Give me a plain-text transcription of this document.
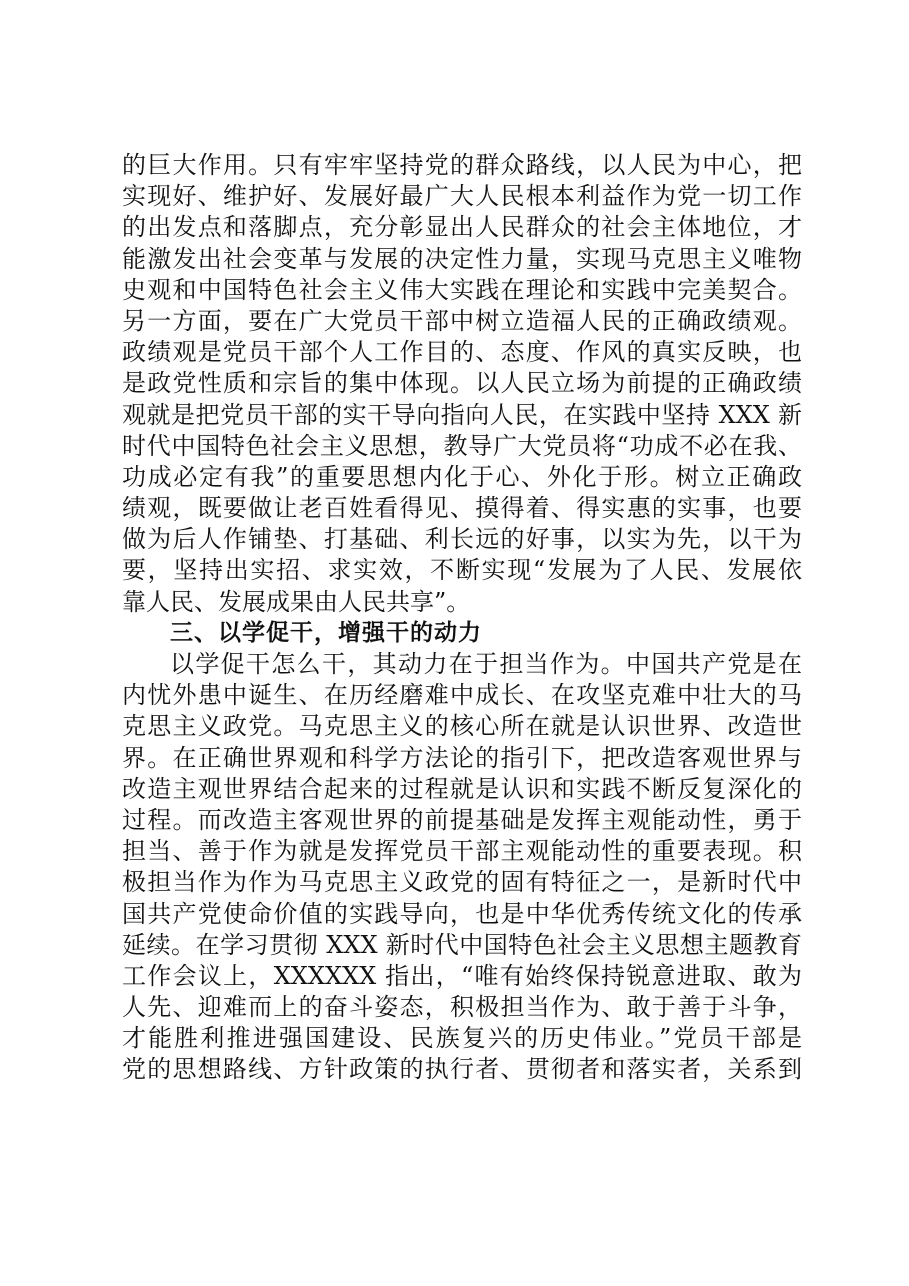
的巨大作用。只有牢牢坚持党的群众路线，以人民为中心，把
实现好、维护好、发展好最广大人民根本利益作为党一切工作
的出发点和落脚点，充分彰显出人民群众的社会主体地位，才
能激发出社会变革与发展的决定性力量，实现马克思主义唯物
史观和中国特色社会主义伟大实践在理论和实践中完美契合。
另一方面，要在广大党员干部中树立造福人民的正确政绩观。
政绩观是党员干部个人工作目的、态度、作风的真实反映，也
是政党性质和宗旨的集中体现。以人民立场为前提的正确政绩
观就是把党员干部的实干导向指向人民，在实践中坚持 XXX 新
时代中国特色社会主义思想，教导广大党员将“功成不必在我、
功成必定有我”的重要思想内化于心、外化于形。树立正确政
绩观，既要做让老百姓看得见、摸得着、得实惠的实事，也要
做为后人作铺垫、打基础、利长远的好事，以实为先，以干为
要，坚持出实招、求实效，不断实现“发展为了人民、发展依
靠人民、发展成果由人民共享”。
三、以学促干，增强干的动力
以学促干怎么干，其动力在于担当作为。中国共产党是在
内忧外患中诞生、在历经磨难中成长、在攻坚克难中壮大的马
克思主义政党。马克思主义的核心所在就是认识世界、改造世
界。在正确世界观和科学方法论的指引下，把改造客观世界与
改造主观世界结合起来的过程就是认识和实践不断反复深化的
过程。而改造主客观世界的前提基础是发挥主观能动性，勇于
担当、善于作为就是发挥党员干部主观能动性的重要表现。积
极担当作为作为马克思主义政党的固有特征之一，是新时代中
国共产党使命价值的实践导向，也是中华优秀传统文化的传承
延续。在学习贯彻 XXX 新时代中国特色社会主义思想主题教育
工作会议上，XXXXXX 指出，“唯有始终保持锐意进取、敢为
人先、迎难而上的奋斗姿态，积极担当作为、敢于善于斗争，
才能胜利推进强国建设、民族复兴的历史伟业。”党员干部是
党的思想路线、方针政策的执行者、贯彻者和落实者，关系到
